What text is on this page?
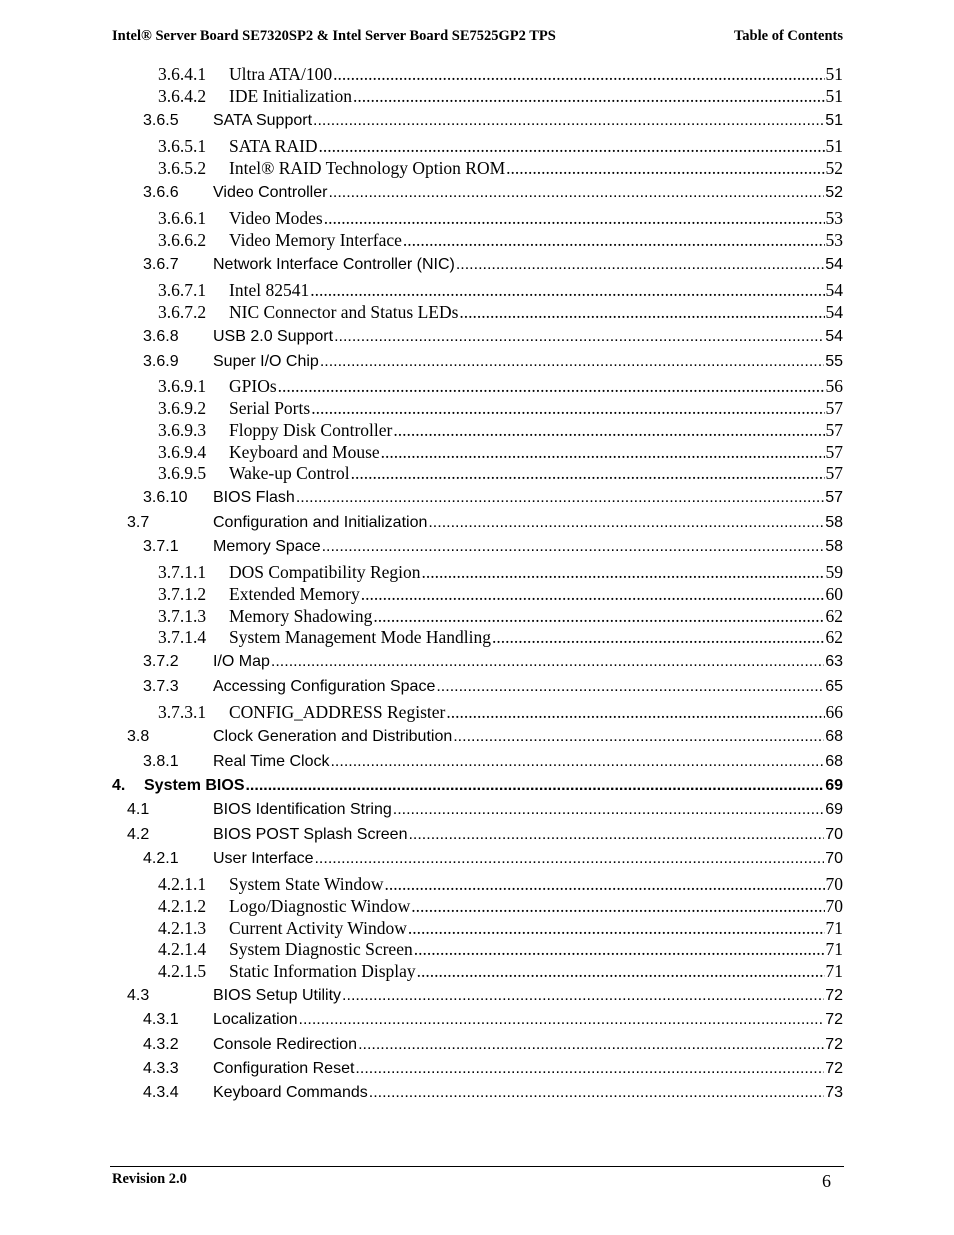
Intel® Server Board SE7320SP2 & Intel Server Board SE7525GP2 TPS	Table of Contents
3.6.4.1	Ultra ATA/100 .....	51
3.6.4.2	IDE Initialization .....	51
3.6.5	SATA Support .....	51
3.6.5.1	SATA RAID .....	51
3.6.5.2	Intel® RAID Technology Option ROM .....	52
3.6.6	Video Controller .....	52
3.6.6.1	Video Modes .....	53
3.6.6.2	Video Memory Interface .....	53
3.6.7	Network Interface Controller (NIC) .....	54
3.6.7.1	Intel 82541 .....	54
3.6.7.2	NIC Connector and Status LEDs .....	54
3.6.8	USB 2.0 Support .....	54
3.6.9	Super I/O Chip .....	55
3.6.9.1	GPIOs .....	56
3.6.9.2	Serial Ports .....	57
3.6.9.3	Floppy Disk Controller .....	57
3.6.9.4	Keyboard and Mouse .....	57
3.6.9.5	Wake-up Control .....	57
3.6.10	BIOS Flash .....	57
3.7	Configuration and Initialization .....	58
3.7.1	Memory Space .....	58
3.7.1.1	DOS Compatibility Region .....	59
3.7.1.2	Extended Memory .....	60
3.7.1.3	Memory Shadowing .....	62
3.7.1.4	System Management Mode Handling .....	62
3.7.2	I/O Map .....	63
3.7.3	Accessing Configuration Space .....	65
3.7.3.1	CONFIG_ADDRESS Register .....	66
3.8	Clock Generation and Distribution .....	68
3.8.1	Real Time Clock .....	68
4.	System BIOS .....	69
4.1	BIOS Identification String .....	69
4.2	BIOS POST Splash Screen .....	70
4.2.1	User Interface .....	70
4.2.1.1	System State Window .....	70
4.2.1.2	Logo/Diagnostic Window .....	70
4.2.1.3	Current Activity Window .....	71
4.2.1.4	System Diagnostic Screen .....	71
4.2.1.5	Static Information Display .....	71
4.3	BIOS Setup Utility .....	72
4.3.1	Localization .....	72
4.3.2	Console Redirection .....	72
4.3.3	Configuration Reset .....	72
4.3.4	Keyboard Commands .....	73
Revision 2.0	6
